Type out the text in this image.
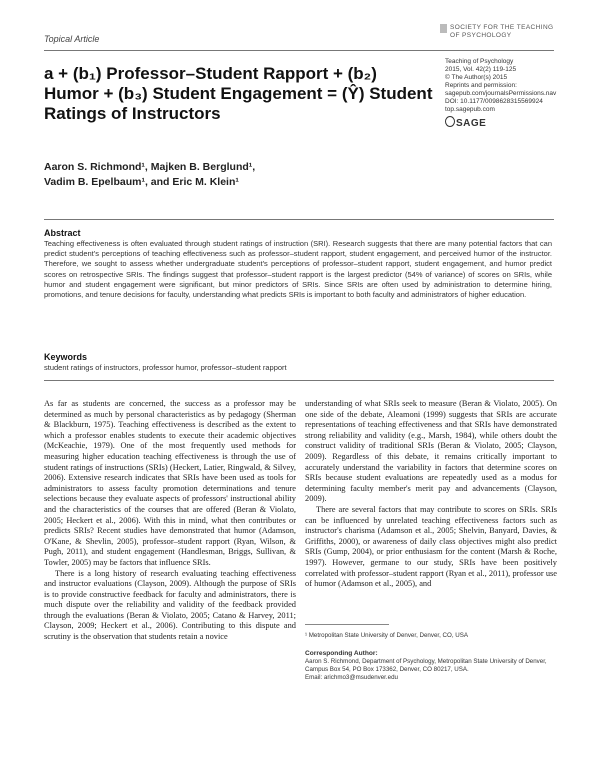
Topical Article
SOCIETY FOR THE TEACHING
OF PSYCHOLOGY
Teaching of Psychology
2015, Vol. 42(2) 119-125
© The Author(s) 2015
Reprints and permission:
sagepub.com/journalsPermissions.nav
DOI: 10.1177/0098628315569924
top.sagepub.com
SAGE
a + (b₁) Professor–Student Rapport + (b₂) Humor + (b₃) Student Engagement = (Ŷ) Student Ratings of Instructors
Aaron S. Richmond¹, Majken B. Berglund¹,
Vadim B. Epelbaum¹, and Eric M. Klein¹
Abstract
Teaching effectiveness is often evaluated through student ratings of instruction (SRI). Research suggests that there are many potential factors that can predict student's perceptions of teaching effectiveness such as professor–student rapport, student engagement, and perceived humor of the instructor. Therefore, we sought to assess whether undergraduate student's perceptions of professor–student rapport, student engagement, and humor predict scores on retrospective SRIs. The findings suggest that professor–student rapport is the largest predictor (54% of variance) of scores on SRIs, while humor and student engagement were significant, but minor predictors of SRIs. Since SRIs are often used by administration to determine hiring, promotions, and tenure decisions for faculty, understanding what predicts SRIs is important to both faculty and administrators of higher education.
Keywords
student ratings of instructors, professor humor, professor–student rapport

As far as students are concerned, the success as a professor may be determined as much by personal characteristics as by pedagogy (Sherman & Blackburn, 1975). Teaching effectiveness is described as the extent to which a professor enables students to execute their academic objectives (McKeachie, 1979). One of the most frequently used methods for measuring higher education teaching effectiveness is through the use of student ratings of instructions (SRIs) (Heckert, Latier, Ringwald, & Silvey, 2006). Extensive research indicates that SRIs have been used as tools for administrators to assess faculty promotion determinations and tenure selections because they evaluate aspects of professors' instructional ability and the characteristics of the courses that are offered (Beran & Violato, 2005; Heckert et al., 2006). With this in mind, what then contributes or predicts SRIs? Recent studies have demonstrated that humor (Adamson, O'Kane, & Shevlin, 2005), professor–student rapport (Ryan, Wilson, & Pugh, 2011), and student engagement (Handlesman, Briggs, Sullivan, & Towler, 2005) may be factors that influence SRIs.

There is a long history of research evaluating teaching effectiveness and instructor evaluations (Clayson, 2009). Although the purpose of SRIs is to provide constructive feedback for faculty and administrators, there is much dispute over the reliability and validity of the feedback provided through the evaluations (Beran & Violato, 2005; Catano & Harvey, 2011; Clayson, 2009; Heckert et al., 2006). Contributing to this dispute and scrutiny is the observation that students retain a novice

understanding of what SRIs seek to measure (Beran & Violato, 2005). On one side of the debate, Aleamoni (1999) suggests that SRIs are accurate representations of teaching effectiveness and that SRIs have demonstrated strong reliability and validity (e.g., Marsh, 1984), while others doubt the construct validity of traditional SRIs (Beran & Violato, 2005; Clayson, 2009). Regardless of this debate, it remains critically important to accurately understand the variability in factors that determine scores on SRIs because student evaluations are repeatedly used as a modus for determining faculty member's merit pay and advancements (Clayson, 2009).

There are several factors that may contribute to scores on SRIs. SRIs can be influenced by unrelated teaching effectiveness factors such as instructor's charisma (Adamson et al., 2005; Shelvin, Banyard, Davies, & Griffiths, 2000), or awareness of daily class objectives might also predict SRIs (Gump, 2004), or prior enthusiasm for the content (Marsh & Roche, 1997). However, germane to our study, SRIs have been positively correlated with professor–student rapport (Ryan et al., 2011), professor use of humor (Adamson et al., 2005), and

¹ Metropolitan State University of Denver, Denver, CO, USA
Corresponding Author:
Aaron S. Richmond, Department of Psychology, Metropolitan State University of Denver, Campus Box 54, PO Box 173362, Denver, CO 80217, USA.
Email: arichmo3@msudenver.edu
